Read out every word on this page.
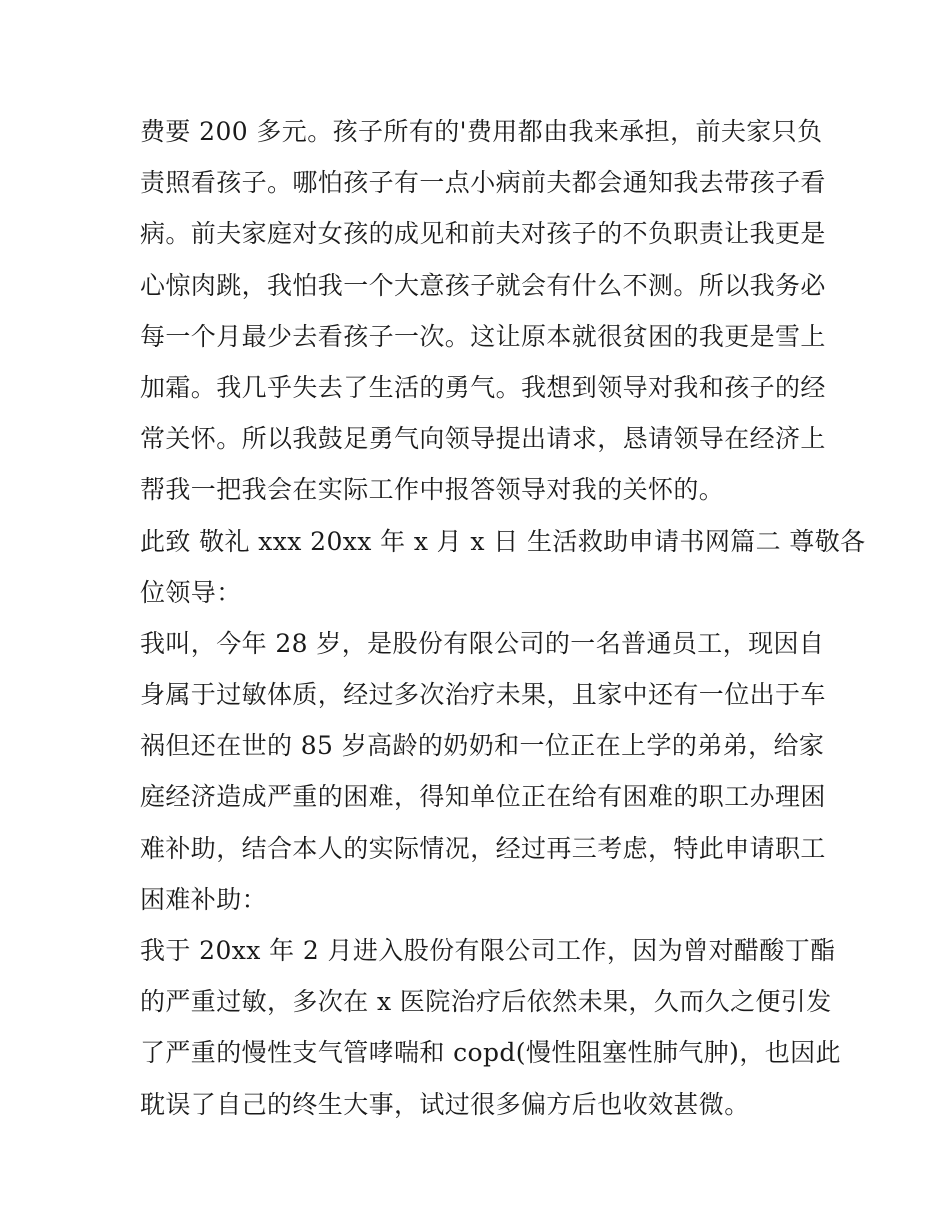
费要 200 多元。孩子所有的'费用都由我来承担，前夫家只负
责照看孩子。哪怕孩子有一点小病前夫都会通知我去带孩子看
病。前夫家庭对女孩的成见和前夫对孩子的不负职责让我更是
心惊肉跳，我怕我一个大意孩子就会有什么不测。所以我务必
每一个月最少去看孩子一次。这让原本就很贫困的我更是雪上
加霜。我几乎失去了生活的勇气。我想到领导对我和孩子的经
常关怀。所以我鼓足勇气向领导提出请求，恳请领导在经济上
帮我一把我会在实际工作中报答领导对我的关怀的。
此致 敬礼 xxx 20xx 年 x 月 x 日 生活救助申请书网篇二 尊敬各
位领导：
我叫，今年 28 岁，是股份有限公司的一名普通员工，现因自
身属于过敏体质，经过多次治疗未果，且家中还有一位出于车
祸但还在世的 85 岁高龄的奶奶和一位正在上学的弟弟，给家
庭经济造成严重的困难，得知单位正在给有困难的职工办理困
难补助，结合本人的实际情况，经过再三考虑，特此申请职工
困难补助：
我于 20xx 年 2 月进入股份有限公司工作，因为曾对醋酸丁酯
的严重过敏，多次在 x 医院治疗后依然未果，久而久之便引发
了严重的慢性支气管哮喘和 copd(慢性阻塞性肺气肿)，也因此
耽误了自己的终生大事，试过很多偏方后也收效甚微。
